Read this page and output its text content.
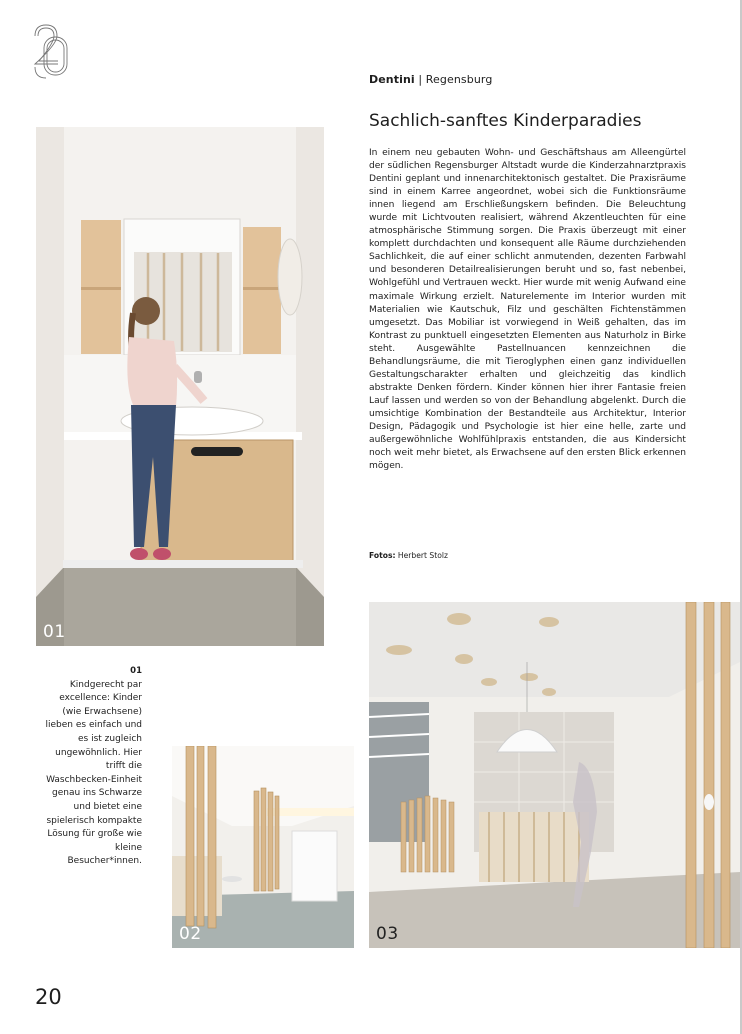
Dentini | Regensburg
Sachlich-sanftes Kinderparadies
In einem neu gebauten Wohn- und Geschäftshaus am Alleengürtel der südlichen Regensburger Altstadt wurde die Kinderzahnarztpraxis Dentini geplant und innenarchitektonisch gestaltet. Die Praxisräume sind in einem Karree angeordnet, wobei sich die Funktionsräume innen liegend am Erschließungskern befinden. Die Beleuchtung wurde mit Lichtvouten realisiert, während Akzentleuchten für eine atmosphärische Stimmung sorgen. Die Praxis überzeugt mit einer komplett durchdachten und konsequent alle Räume durchziehenden Sachlichkeit, die auf einer schlicht anmutenden, dezenten Farbwahl und besonderen Detailrealisierungen beruht und so, fast nebenbei, Wohlgefühl und Vertrauen weckt. Hier wurde mit wenig Aufwand eine maximale Wirkung erzielt. Naturelemente im Interior wurden mit Materialien wie Kautschuk, Filz und geschälten Fichtenstämmen umgesetzt. Das Mobiliar ist vorwiegend in Weiß gehalten, das im Kontrast zu punktuell eingesetzten Elementen aus Naturholz in Birke steht. Ausgewählte Pastellnuancen kennzeichnen die Behandlungsräume, die mit Tieroglyphen einen ganz individuellen Gestaltungscharakter erhalten und gleichzeitig das kindlich abstrakte Denken fördern. Kinder können hier ihrer Fantasie freien Lauf lassen und werden so von der Behandlung abgelenkt. Durch die umsichtige Kombination der Bestandteile aus Architektur, Interior Design, Pädagogik und Psychologie ist hier eine helle, zarte und außergewöhnliche Wohlfühlpraxis entstanden, die aus Kindersicht noch weit mehr bietet, als Erwachsene auf den ersten Blick erkennen mögen.
Fotos: Herbert Stolz
01
01
Kindgerecht par excellence: Kinder (wie Erwachsene) lieben es einfach und es ist zugleich ungewöhnlich. Hier trifft die Waschbecken-Einheit genau ins Schwarze und bietet eine spielerisch kompakte Lösung für große wie kleine Besucher*innen.
02	03
20
